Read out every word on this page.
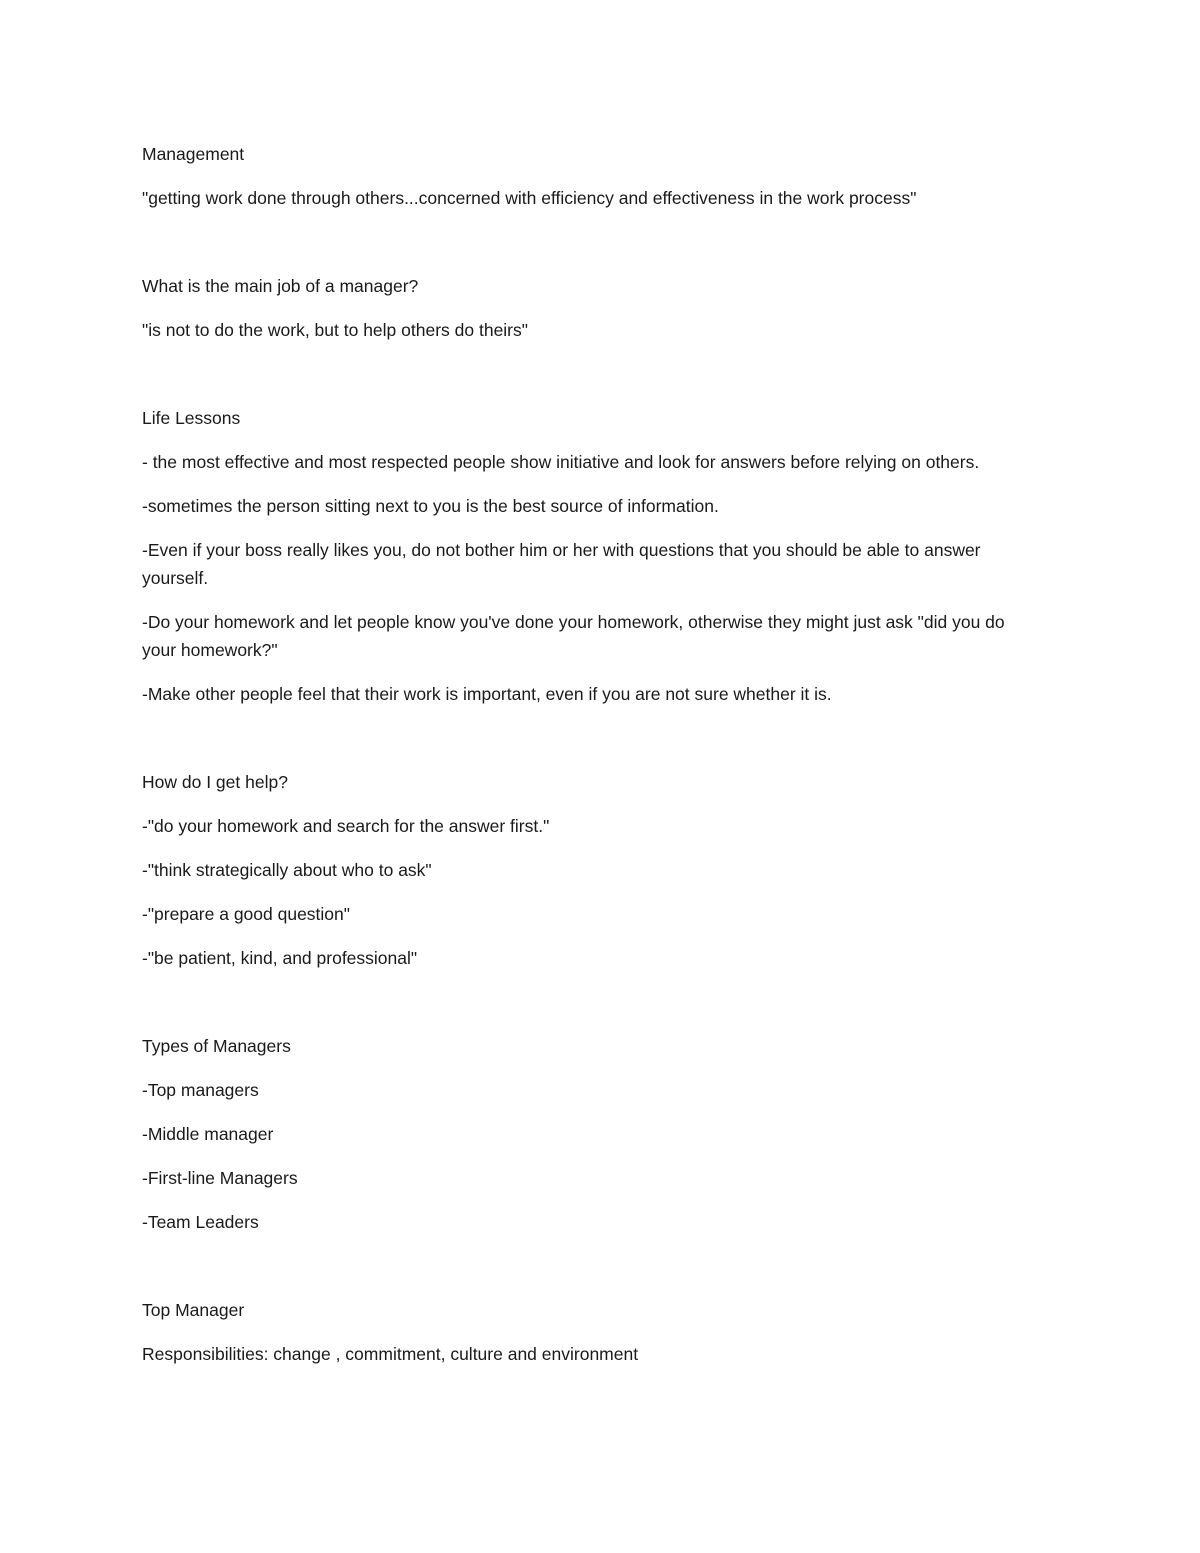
Management

"getting work done through others...concerned with efficiency and effectiveness in the work process"

What is the main job of a manager?

"is not to do the work, but to help others do theirs"

Life Lessons

- the most effective and most respected people show initiative and look for answers before relying on others.

-sometimes the person sitting next to you is the best source of information.

-Even if your boss really likes you, do not bother him or her with questions that you should be able to answer yourself.

-Do your homework and let people know you've done your homework, otherwise they might just ask "did you do your homework?"

-Make other people feel that their work is important, even if you are not sure whether it is.

How do I get help?

-"do your homework and search for the answer first."

-"think strategically about who to ask"

-"prepare a good question"

-"be patient, kind, and professional"

Types of Managers

-Top managers

-Middle manager

-First-line Managers

-Team Leaders

Top Manager

Responsibilities: change , commitment, culture and environment
